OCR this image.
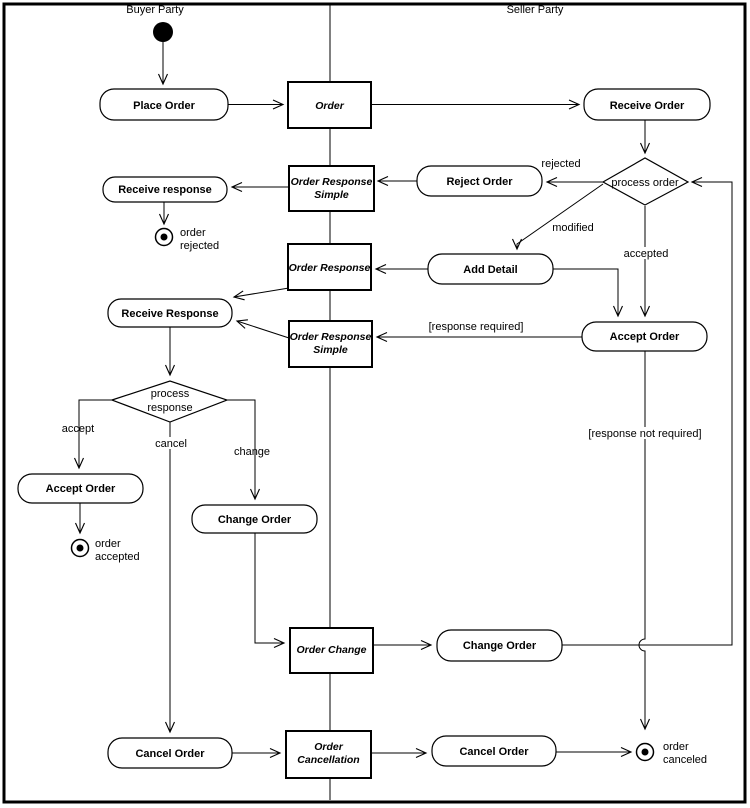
Buyer Party	Seller Party
Order
Order Response
Simple
Order Response
Order Response
Simple
Order Change
Order
Cancellation
Place Order	Receive Order
Reject Order
Receive response
Add Detail
Receive Response
Accept Order
Accept Order
Change Order
Change Order
Cancel Order	Cancel Order
process order
process
response
order
rejected
order
accepted
order
canceled
rejected
modified
accepted
[response required]
[response not required]
accept
cancel
change
